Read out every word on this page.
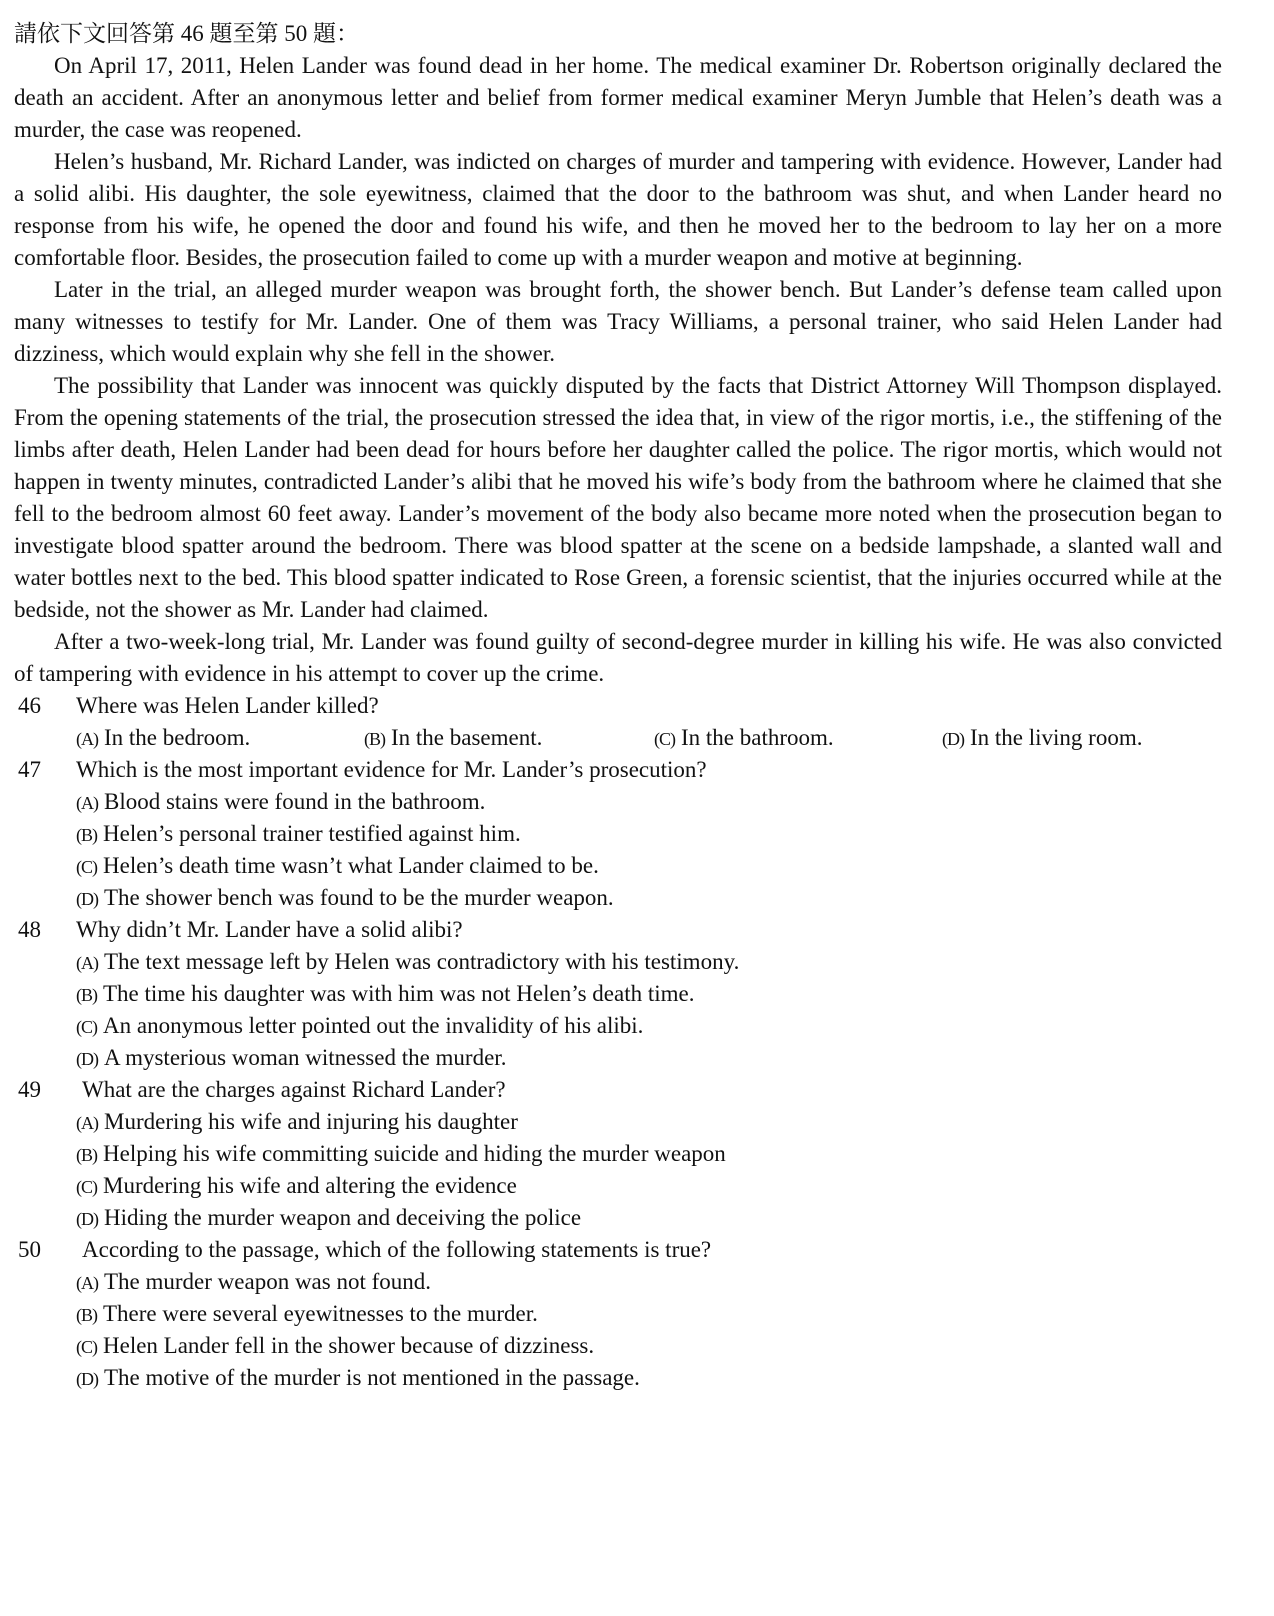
請依下文回答第 46 題至第 50 題：

On April 17, 2011, Helen Lander was found dead in her home. The medical examiner Dr. Robertson originally declared the death an accident. After an anonymous letter and belief from former medical examiner Meryn Jumble that Helen’s death was a murder, the case was reopened.

Helen’s husband, Mr. Richard Lander, was indicted on charges of murder and tampering with evidence. However, Lander had a solid alibi. His daughter, the sole eyewitness, claimed that the door to the bathroom was shut, and when Lander heard no response from his wife, he opened the door and found his wife, and then he moved her to the bedroom to lay her on a more comfortable floor. Besides, the prosecution failed to come up with a murder weapon and motive at beginning.

Later in the trial, an alleged murder weapon was brought forth, the shower bench. But Lander’s defense team called upon many witnesses to testify for Mr. Lander. One of them was Tracy Williams, a personal trainer, who said Helen Lander had dizziness, which would explain why she fell in the shower.

The possibility that Lander was innocent was quickly disputed by the facts that District Attorney Will Thompson displayed. From the opening statements of the trial, the prosecution stressed the idea that, in view of the rigor mortis, i.e., the stiffening of the limbs after death, Helen Lander had been dead for hours before her daughter called the police. The rigor mortis, which would not happen in twenty minutes, contradicted Lander’s alibi that he moved his wife’s body from the bathroom where he claimed that she fell to the bedroom almost 60 feet away. Lander’s movement of the body also became more noted when the prosecution began to investigate blood spatter around the bedroom. There was blood spatter at the scene on a bedside lampshade, a slanted wall and water bottles next to the bed. This blood spatter indicated to Rose Green, a forensic scientist, that the injuries occurred while at the bedside, not the shower as Mr. Lander had claimed.

After a two-week-long trial, Mr. Lander was found guilty of second-degree murder in killing his wife. He was also convicted of tampering with evidence in his attempt to cover up the crime.

46 Where was Helen Lander killed?
(A) In the bedroom.	(B) In the basement.	(C) In the bathroom.	(D) In the living room.
47 Which is the most important evidence for Mr. Lander’s prosecution?
(A) Blood stains were found in the bathroom.
(B) Helen’s personal trainer testified against him.
(C) Helen’s death time wasn’t what Lander claimed to be.
(D) The shower bench was found to be the murder weapon.
48 Why didn’t Mr. Lander have a solid alibi?
(A) The text message left by Helen was contradictory with his testimony.
(B) The time his daughter was with him was not Helen’s death time.
(C) An anonymous letter pointed out the invalidity of his alibi.
(D) A mysterious woman witnessed the murder.
49 What are the charges against Richard Lander?
(A) Murdering his wife and injuring his daughter
(B) Helping his wife committing suicide and hiding the murder weapon
(C) Murdering his wife and altering the evidence
(D) Hiding the murder weapon and deceiving the police
50 According to the passage, which of the following statements is true?
(A) The murder weapon was not found.
(B) There were several eyewitnesses to the murder.
(C) Helen Lander fell in the shower because of dizziness.
(D) The motive of the murder is not mentioned in the passage.
